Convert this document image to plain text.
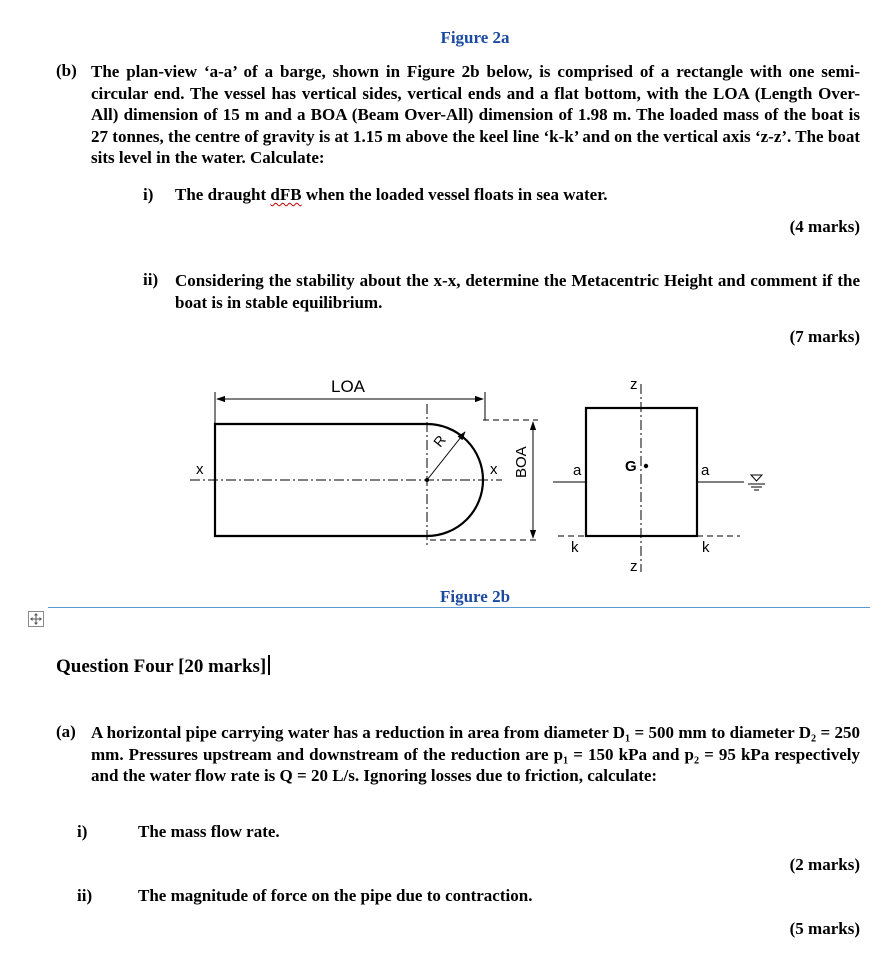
Figure 2a
(b) The plan-view ‘a-a’ of a barge, shown in Figure 2b below, is comprised of a rectangle with one semi-circular end. The vessel has vertical sides, vertical ends and a flat bottom, with the LOA (Length Over-All) dimension of 15 m and a BOA (Beam Over-All) dimension of 1.98 m. The loaded mass of the boat is 27 tonnes, the centre of gravity is at 1.15 m above the keel line ‘k-k’ and on the vertical axis ‘z-z’. The boat sits level in the water. Calculate:
i) The draught dFB when the loaded vessel floats in sea water.
(4 marks)
ii) Considering the stability about the x-x, determine the Metacentric Height and comment if the boat is in stable equilibrium.
(7 marks)
LOA
BOA
R
x	x
z
z
a	a
G
k	k
Figure 2b
Question Four [20 marks]
(a) A horizontal pipe carrying water has a reduction in area from diameter D₁ = 500 mm to diameter D₂ = 250 mm. Pressures upstream and downstream of the reduction are p₁ = 150 kPa and p₂ = 95 kPa respectively and the water flow rate is Q = 20 L/s. Ignoring losses due to friction, calculate:
i)	The mass flow rate.
(2 marks)
ii)	The magnitude of force on the pipe due to contraction.
(5 marks)
